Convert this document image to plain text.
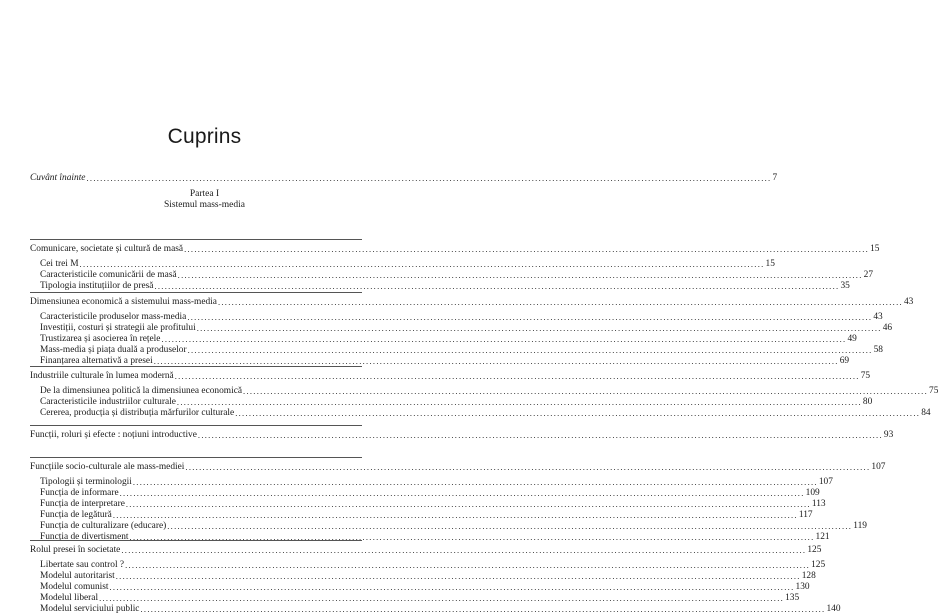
Cuprins
Cuvânt înainte ........................................................................................................................................................................................................ 7
Partea I
Sistemul mass-media
Comunicare, societate și cultură de masă ........................................................................................................................................................................................................ 15
Cei trei M ........................................................................................................................................................................................................ 15
Caracteristicile comunicării de masă ........................................................................................................................................................................................................ 27
Tipologia instituțiilor de presă ........................................................................................................................................................................................................ 35
Dimensiunea economică a sistemului mass-media ........................................................................................................................................................................................................ 43
Caracteristicile produselor mass-media ........................................................................................................................................................................................................ 43
Investiții, costuri și strategii ale profitului ........................................................................................................................................................................................................ 46
Trustizarea și asocierea în rețele ........................................................................................................................................................................................................ 49
Mass-media și piața duală a produselor ........................................................................................................................................................................................................ 58
Finanțarea alternativă a presei ........................................................................................................................................................................................................ 69
Industriile culturale în lumea modernă ........................................................................................................................................................................................................ 75
De la dimensiunea politică la dimensiunea economică ........................................................................................................................................................................................................ 75
Caracteristicile industriilor culturale ........................................................................................................................................................................................................ 80
Cererea, producția și distribuția mărfurilor culturale ........................................................................................................................................................................................................ 84
Funcții, roluri și efecte : noțiuni introductive ........................................................................................................................................................................................................ 93
Funcțiile socio-culturale ale mass-mediei ........................................................................................................................................................................................................ 107
Tipologii și terminologii ........................................................................................................................................................................................................ 107
Funcția de informare ........................................................................................................................................................................................................ 109
Funcția de interpretare ........................................................................................................................................................................................................ 113
Funcția de legătură ........................................................................................................................................................................................................ 117
Funcția de culturalizare (educare) ........................................................................................................................................................................................................ 119
Funcția de divertisment ........................................................................................................................................................................................................ 121
Rolul presei în societate ........................................................................................................................................................................................................ 125
Libertate sau control ? ........................................................................................................................................................................................................ 125
Modelul autoritarist ........................................................................................................................................................................................................ 128
Modelul comunist ........................................................................................................................................................................................................ 130
Modelul liberal ........................................................................................................................................................................................................ 135
Modelul serviciului public ........................................................................................................................................................................................................ 140
